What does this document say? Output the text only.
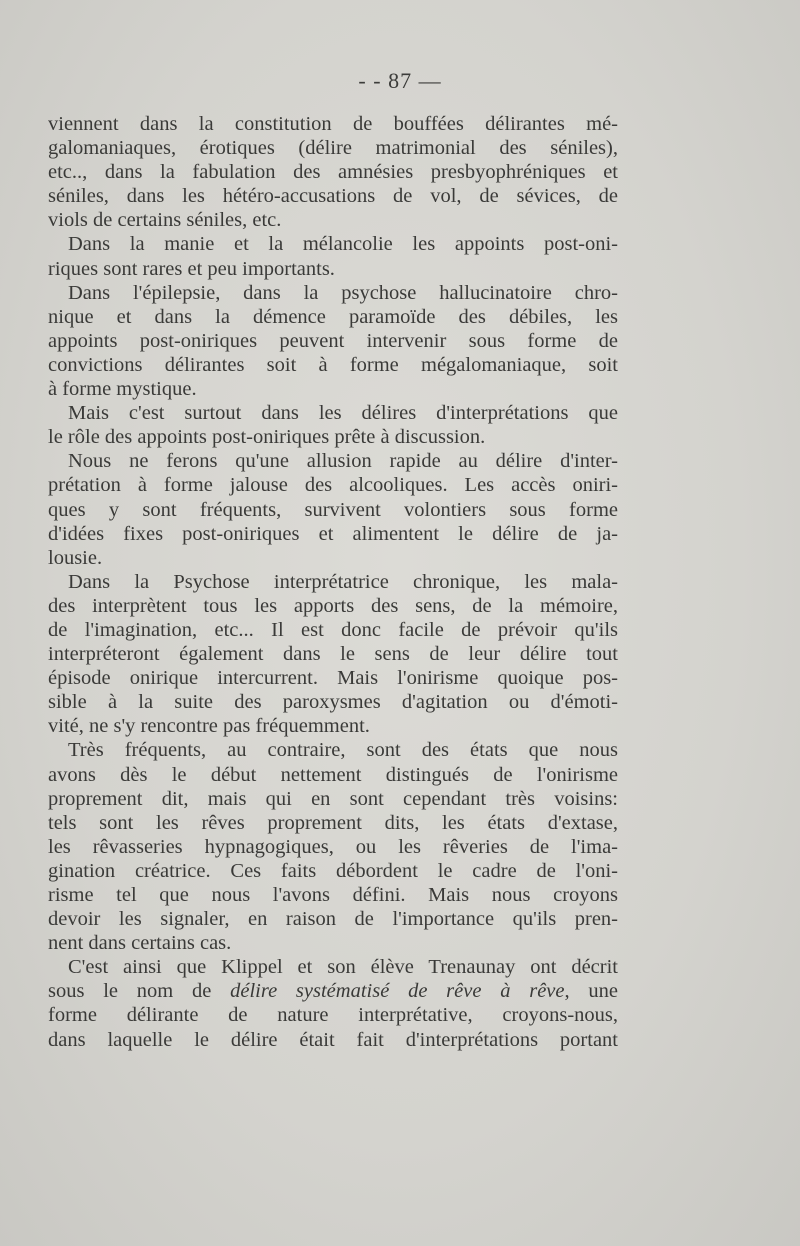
- - 87 —
viennent dans la constitution de bouffées délirantes mé-
galomaniaques, érotiques (délire matrimonial des séniles),
etc.., dans la fabulation des amnésies presbyophréniques et
séniles, dans les hétéro-accusations de vol, de sévices, de
viols de certains séniles, etc.
Dans la manie et la mélancolie les appoints post-oni-
riques sont rares et peu importants.
Dans l'épilepsie, dans la psychose hallucinatoire chro-
nique et dans la démence paramoïde des débiles, les
appoints post-oniriques peuvent intervenir sous forme de
convictions délirantes soit à forme mégalomaniaque, soit
à forme mystique.
Mais c'est surtout dans les délires d'interprétations que
le rôle des appoints post-oniriques prête à discussion.
Nous ne ferons qu'une allusion rapide au délire d'inter-
prétation à forme jalouse des alcooliques. Les accès oniri-
ques y sont fréquents, survivent volontiers sous forme
d'idées fixes post-oniriques et alimentent le délire de ja-
lousie.
Dans la Psychose interprétatrice chronique, les mala-
des interprètent tous les apports des sens, de la mémoire,
de l'imagination, etc... Il est donc facile de prévoir qu'ils
interpréteront également dans le sens de leur délire tout
épisode onirique intercurrent. Mais l'onirisme quoique pos-
sible à la suite des paroxysmes d'agitation ou d'émoti-
vité, ne s'y rencontre pas fréquemment.
Très fréquents, au contraire, sont des états que nous
avons dès le début nettement distingués de l'onirisme
proprement dit, mais qui en sont cependant très voisins:
tels sont les rêves proprement dits, les états d'extase,
les rêvasseries hypnagogiques, ou les rêveries de l'ima-
gination créatrice. Ces faits débordent le cadre de l'oni-
risme tel que nous l'avons défini. Mais nous croyons
devoir les signaler, en raison de l'importance qu'ils pren-
nent dans certains cas.
C'est ainsi que Klippel et son élève Trenaunay ont décrit
sous le nom de délire systématisé de rêve à rêve, une
forme délirante de nature interprétative, croyons-nous,
dans laquelle le délire était fait d'interprétations portant
